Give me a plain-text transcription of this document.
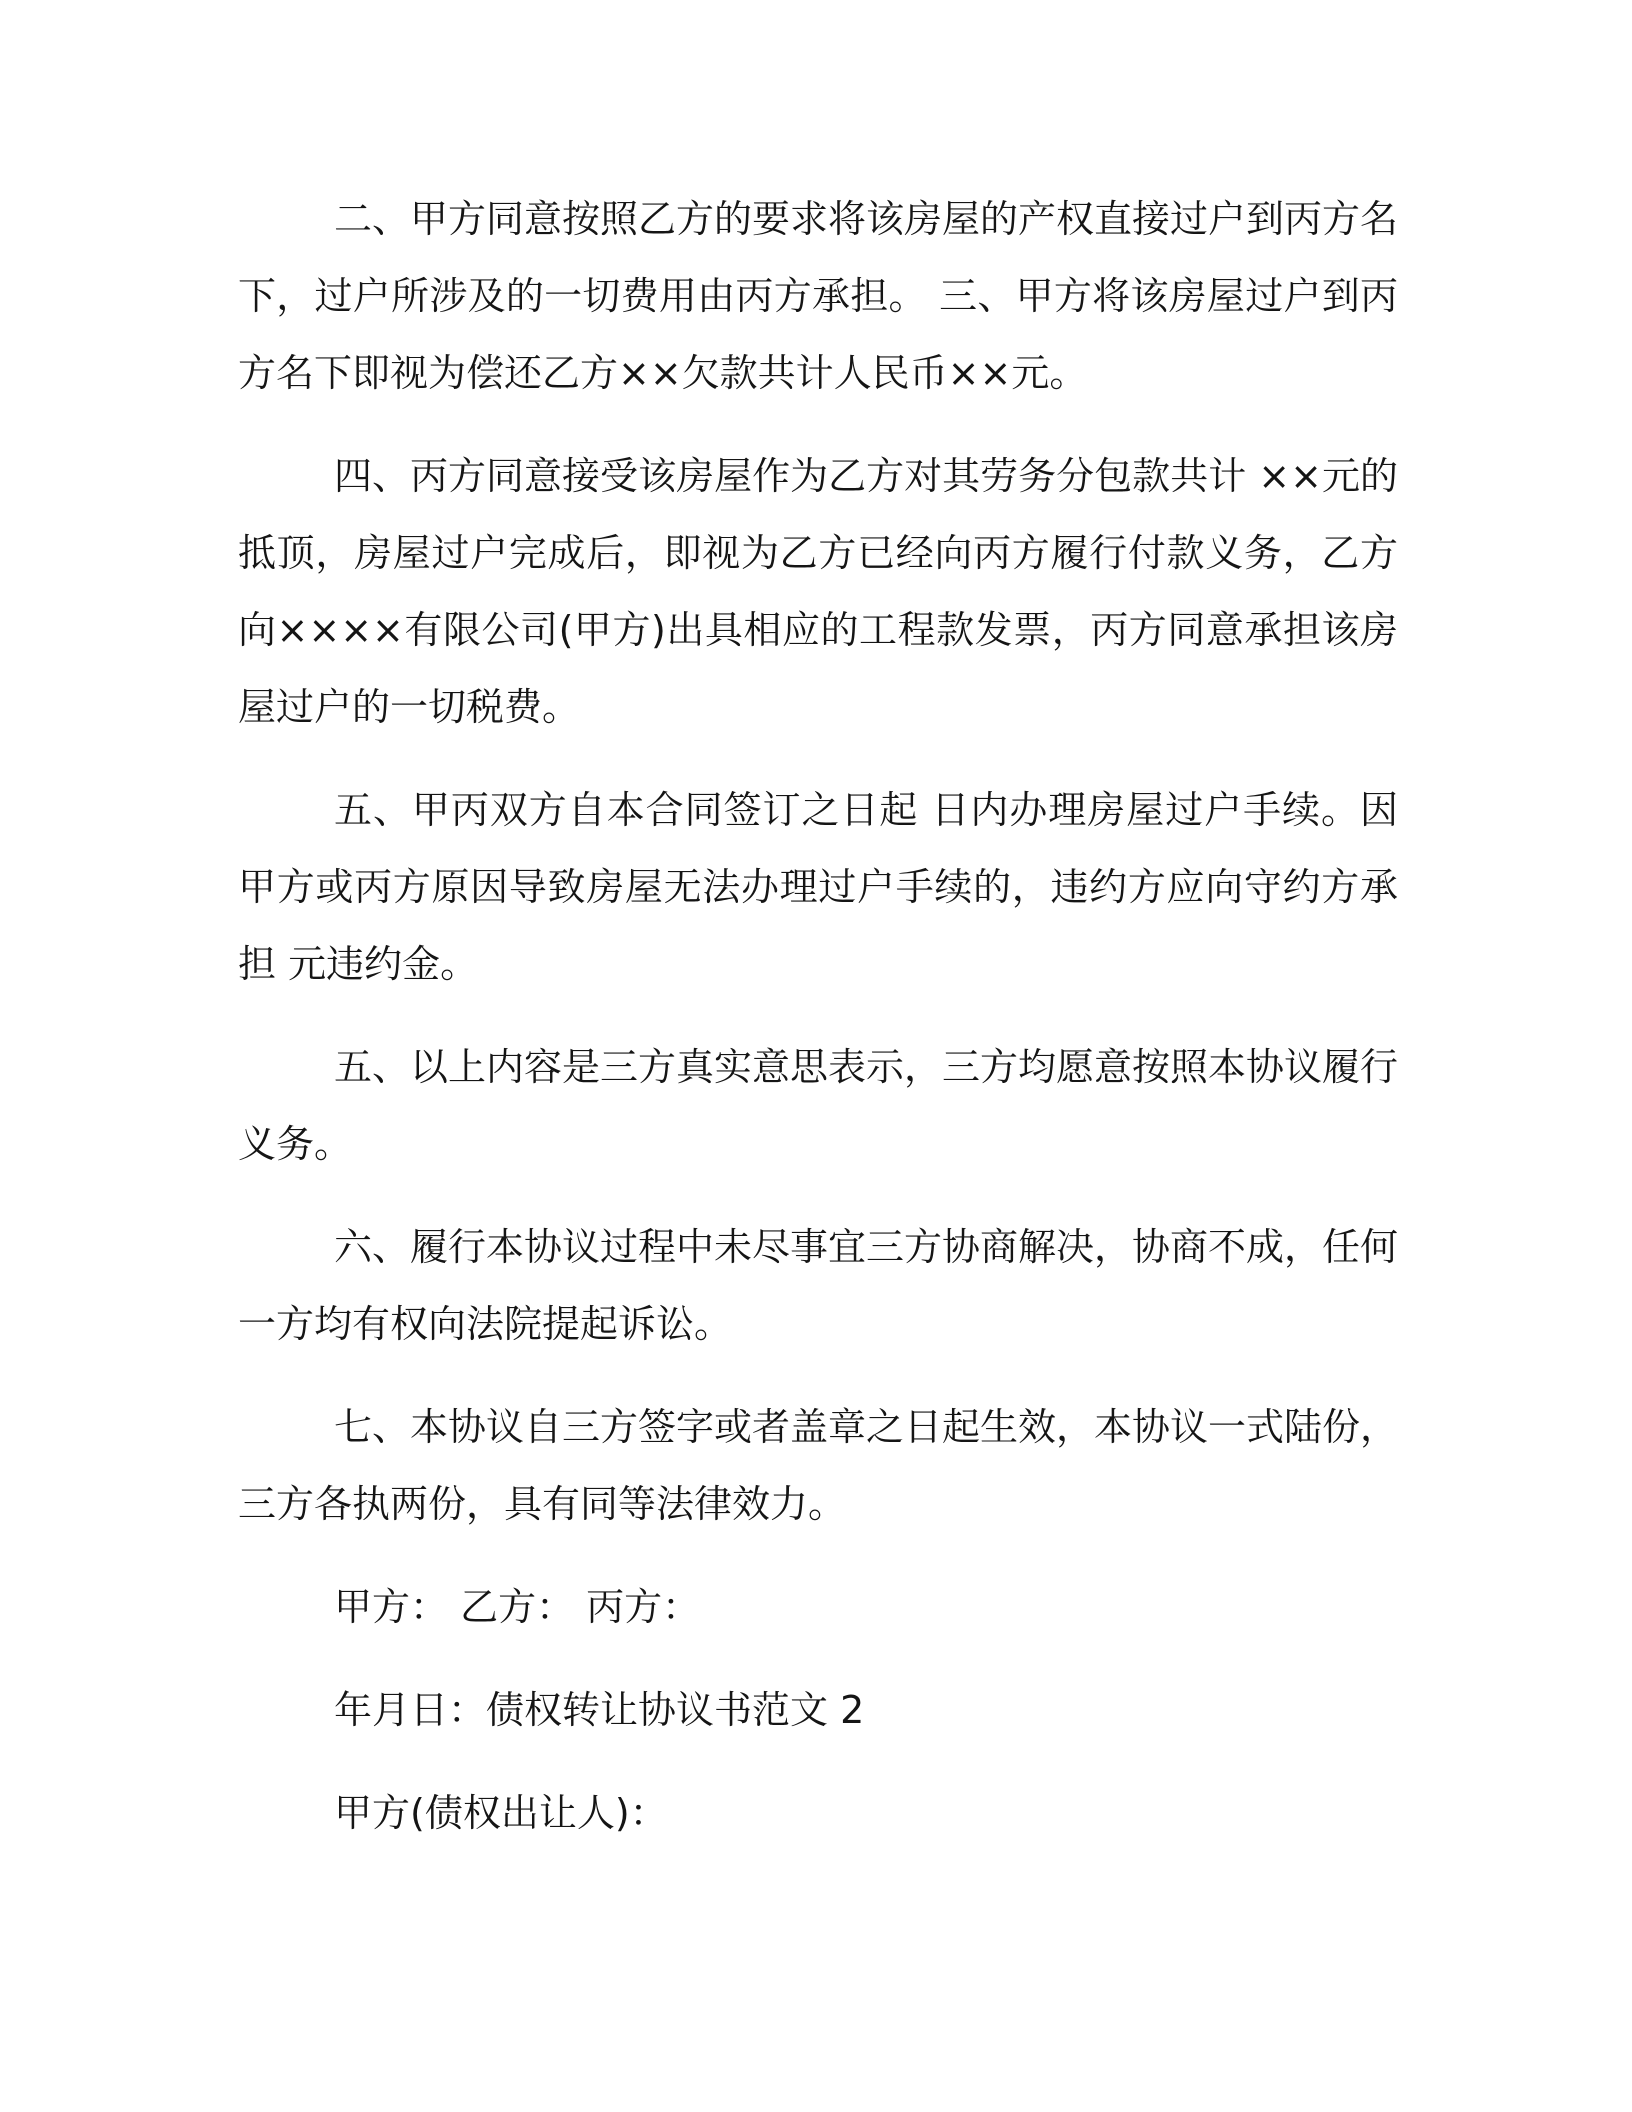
二、甲方同意按照乙方的要求将该房屋的产权直接过户到丙方名下，过户所涉及的一切费用由丙方承担。 三、甲方将该房屋过户到丙方名下即视为偿还乙方××欠款共计人民币××元。

四、丙方同意接受该房屋作为乙方对其劳务分包款共计 ××元的抵顶，房屋过户完成后，即视为乙方已经向丙方履行付款义务，乙方向××××有限公司(甲方)出具相应的工程款发票，丙方同意承担该房屋过户的一切税费。

五、甲丙双方自本合同签订之日起 日内办理房屋过户手续。因甲方或丙方原因导致房屋无法办理过户手续的，违约方应向守约方承担 元违约金。

五、以上内容是三方真实意思表示，三方均愿意按照本协议履行义务。

六、履行本协议过程中未尽事宜三方协商解决，协商不成，任何一方均有权向法院提起诉讼。

七、本协议自三方签字或者盖章之日起生效，本协议一式陆份，三方各执两份，具有同等法律效力。

甲方： 乙方： 丙方：

年月日：债权转让协议书范文 2

甲方(债权出让人)：
